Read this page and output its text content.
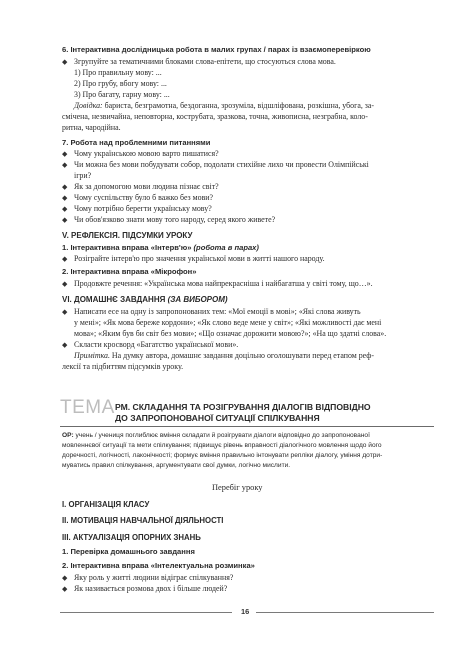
6. Інтерактивна дослідницька робота в малих групах / парах із взаємоперевіркою
◆ Згрупуйте за тематичними блоками слова-епітети, що стосуються слова мова.
1) Про правильну мову: ...
2) Про грубу, вбогу мову: ...
3) Про багату, гарну мову: ...
Довідка: бариста, безграмотна, бездоганна, зрозуміла, відшліфована, розкішна, убога, за-
смічена, незвичайна, неповторна, кострубата, зразкова, точна, живописна, незграбна, коло-
ритна, чародійна.
7. Робота над проблемними питаннями
◆ Чому українською мовою варто пишатися?
◆ Чи можна без мови побудувати собор, подолати стихійне лихо чи провести Олімпійські
ігри?
◆ Як за допомогою мови людина пізнає світ?
◆ Чому суспільству було б важко без мови?
◆ Чому потрібно берегти українську мову?
◆ Чи обов'язково знати мову того народу, серед якого живете?
V. РЕФЛЕКСІЯ. ПІДСУМКИ УРОКУ
1. Інтерактивна вправа «Інтерв'ю» (робота в парах)
◆ Розіграйте інтерв'ю про значення української мови в житті нашого народу.
2. Інтерактивна вправа «Мікрофон»
◆ Продовжте речення: «Українська мова найпрекрасніша і найбагатша у світі тому, що…».
VI. ДОМАШНЄ ЗАВДАННЯ (ЗА ВИБОРОМ)
◆ Написати есе на одну із запропонованих тем: «Мої емоції в мові»; «Які слова живуть
у мені»; «Як мова береже кордони»; «Як слово веде мене у світ»; «Які можливості дає мені
мова»; «Яким був би світ без мови»; «Що означає дорожити мовою?»; «На що здатні слова».
◆ Скласти кросворд «Багатство української мови».
Примітка. На думку автора, домашнє завдання доцільно оголошувати перед етапом реф-
лексії та підбиттям підсумків уроку.
ТЕМА РМ. СКЛАДАННЯ ТА РОЗІГРУВАННЯ ДІАЛОГІВ ВІДПОВІДНО
ДО ЗАПРОПОНОВАНОЇ СИТУАЦІЇ СПІЛКУВАННЯ
ОР: учень / учениця поглиблює вміння складати й розігрувати діалоги відповідно до запропонованої
мовленнєвої ситуації та мети спілкування; підвищує рівень вправності діалогічного мовлення щодо його
доречності, логічності, лаконічності; формує вміння правильно інтонувати репліки діалогу, уміння дотри-
муватись правил спілкування, аргументувати свої думки, логічно мислити.
Перебіг уроку
I. ОРГАНІЗАЦІЯ КЛАСУ
II. МОТИВАЦІЯ НАВЧАЛЬНОЇ ДІЯЛЬНОСТІ
III. АКТУАЛІЗАЦІЯ ОПОРНИХ ЗНАНЬ
1. Перевірка домашнього завдання
2. Інтерактивна вправа «Інтелектуальна розминка»
◆ Яку роль у житті людини відіграє спілкування?
◆ Як називається розмова двох і більше людей?
16
